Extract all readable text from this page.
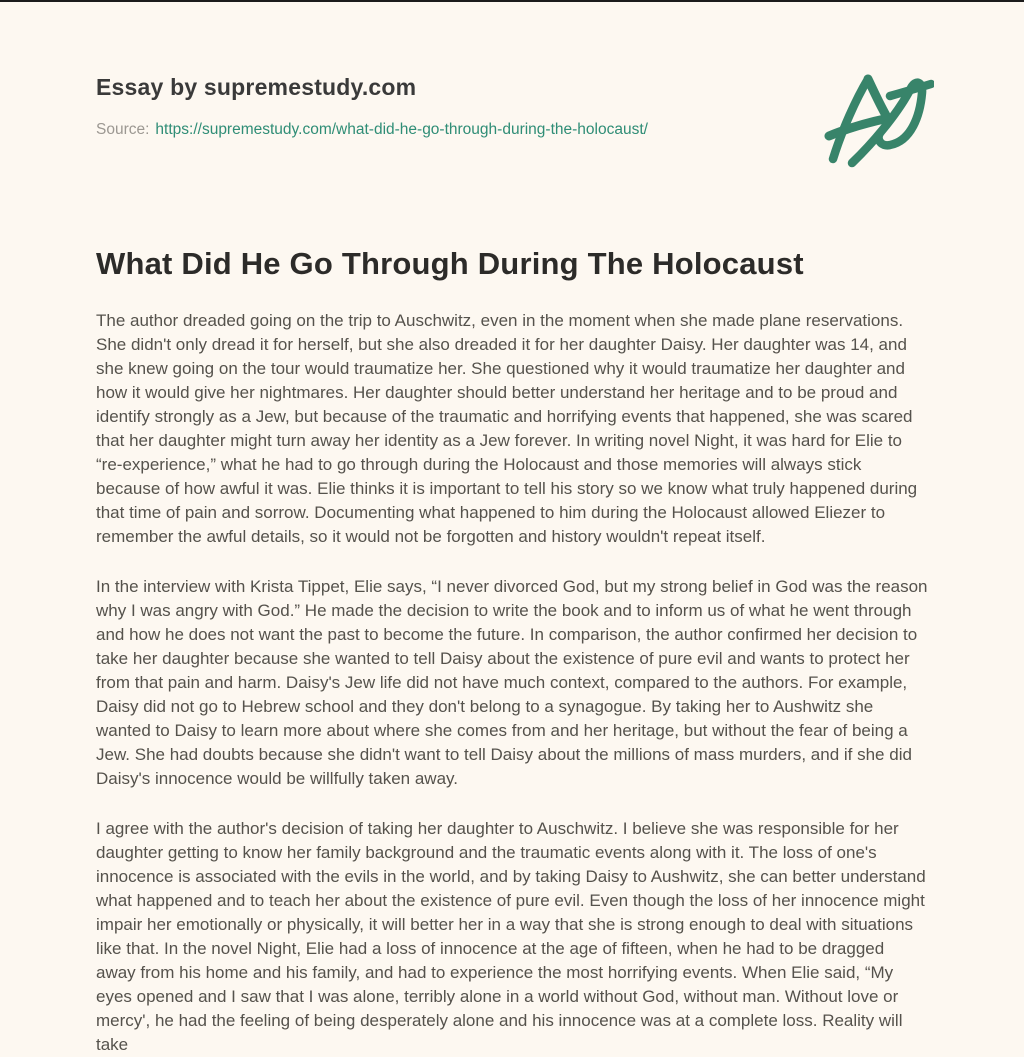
Essay by supremestudy.com

Source: https://supremestudy.com/what-did-he-go-through-during-the-holocaust/

What Did He Go Through During The Holocaust

The author dreaded going on the trip to Auschwitz, even in the moment when she made plane reservations. She didn't only dread it for herself, but she also dreaded it for her daughter Daisy. Her daughter was 14, and she knew going on the tour would traumatize her. She questioned why it would traumatize her daughter and how it would give her nightmares. Her daughter should better understand her heritage and to be proud and identify strongly as a Jew, but because of the traumatic and horrifying events that happened, she was scared that her daughter might turn away her identity as a Jew forever. In writing novel Night, it was hard for Elie to “re-experience,” what he had to go through during the Holocaust and those memories will always stick because of how awful it was. Elie thinks it is important to tell his story so we know what truly happened during that time of pain and sorrow. Documenting what happened to him during the Holocaust allowed Eliezer to remember the awful details, so it would not be forgotten and history wouldn't repeat itself.

In the interview with Krista Tippet, Elie says, “I never divorced God, but my strong belief in God was the reason why I was angry with God.” He made the decision to write the book and to inform us of what he went through and how he does not want the past to become the future. In comparison, the author confirmed her decision to take her daughter because she wanted to tell Daisy about the existence of pure evil and wants to protect her from that pain and harm. Daisy's Jew life did not have much context, compared to the authors. For example, Daisy did not go to Hebrew school and they don't belong to a synagogue. By taking her to Aushwitz she wanted to Daisy to learn more about where she comes from and her heritage, but without the fear of being a Jew. She had doubts because she didn't want to tell Daisy about the millions of mass murders, and if she did Daisy's innocence would be willfully taken away.

I agree with the author's decision of taking her daughter to Auschwitz. I believe she was responsible for her daughter getting to know her family background and the traumatic events along with it. The loss of one's innocence is associated with the evils in the world, and by taking Daisy to Aushwitz, she can better understand what happened and to teach her about the existence of pure evil. Even though the loss of her innocence might impair her emotionally or physically, it will better her in a way that she is strong enough to deal with situations like that. In the novel Night, Elie had a loss of innocence at the age of fifteen, when he had to be dragged away from his home and his family, and had to experience the most horrifying events. When Elie said, “My eyes opened and I saw that I was alone, terribly alone in a world without God, without man. Without love or mercy', he had the feeling of being desperately alone and his innocence was at a complete loss. Reality will take
